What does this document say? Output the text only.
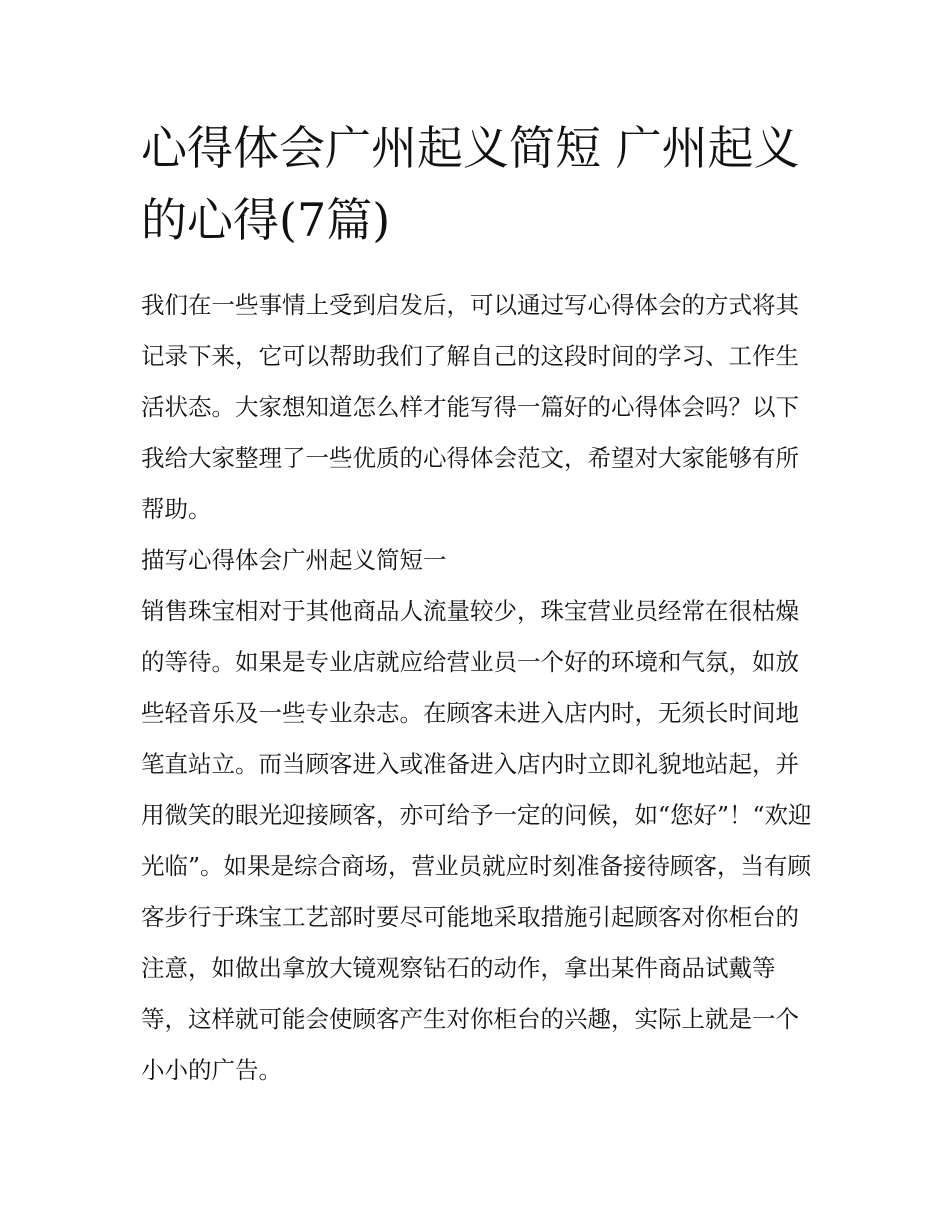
心得体会广州起义简短 广州起义的心得(7篇)

我们在一些事情上受到启发后，可以通过写心得体会的方式将其记录下来，它可以帮助我们了解自己的这段时间的学习、工作生活状态。大家想知道怎么样才能写得一篇好的心得体会吗？以下我给大家整理了一些优质的心得体会范文，希望对大家能够有所帮助。

描写心得体会广州起义简短一

销售珠宝相对于其他商品人流量较少，珠宝营业员经常在很枯燥的等待。如果是专业店就应给营业员一个好的环境和气氛，如放些轻音乐及一些专业杂志。在顾客未进入店内时，无须长时间地笔直站立。而当顾客进入或准备进入店内时立即礼貌地站起，并用微笑的眼光迎接顾客，亦可给予一定的问候，如“您好”！“欢迎光临”。如果是综合商场，营业员就应时刻准备接待顾客，当有顾客步行于珠宝工艺部时要尽可能地采取措施引起顾客对你柜台的注意，如做出拿放大镜观察钻石的动作，拿出某件商品试戴等等，这样就可能会使顾客产生对你柜台的兴趣，实际上就是一个小小的广告。
